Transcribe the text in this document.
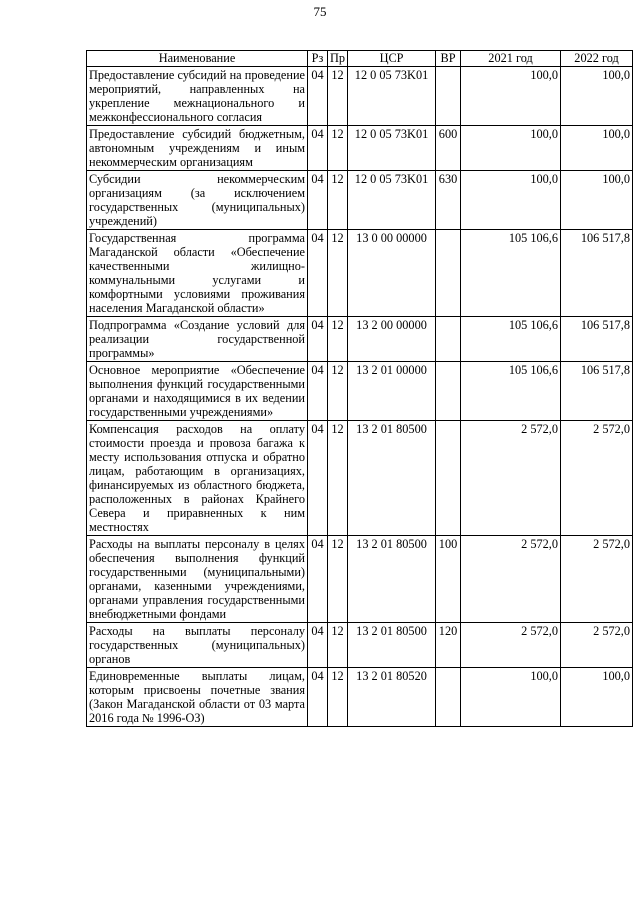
75
Наименование	Рз	Пр	ЦСР	ВР	2021 год	2022 год
Предоставление субсидий на проведение мероприятий, направленных на укрепление межнационального и межконфессионального согласия	04	12	12 0 05 73K01		100,0	100,0
Предоставление субсидий бюджетным, автономным учреждениям и иным некоммерческим организациям	04	12	12 0 05 73K01	600	100,0	100,0
Субсидии некоммерческим организациям (за исключением государственных (муниципальных) учреждений)	04	12	12 0 05 73K01	630	100,0	100,0
Государственная программа Магаданской области «Обеспечение качественными жилищно-коммунальными услугами и комфортными условиями проживания населения Магаданской области»	04	12	13 0 00 00000		105 106,6	106 517,8
Подпрограмма «Создание условий для реализации государственной программы»	04	12	13 2 00 00000		105 106,6	106 517,8
Основное мероприятие «Обеспечение выполнения функций государственными органами и находящимися в их ведении государственными учреждениями»	04	12	13 2 01 00000		105 106,6	106 517,8
Компенсация расходов на оплату стоимости проезда и провоза багажа к месту использования отпуска и обратно лицам, работающим в организациях, финансируемых из областного бюджета, расположенных в районах Крайнего Севера и приравненных к ним местностях	04	12	13 2 01 80500		2 572,0	2 572,0
Расходы на выплаты персоналу в целях обеспечения выполнения функций государственными (муниципальными) органами, казенными учреждениями, органами управления государственными внебюджетными фондами	04	12	13 2 01 80500	100	2 572,0	2 572,0
Расходы на выплаты персоналу государственных (муниципальных) органов	04	12	13 2 01 80500	120	2 572,0	2 572,0
Единовременные выплаты лицам, которым присвоены почетные звания (Закон Магаданской области от 03 марта 2016 года № 1996-ОЗ)	04	12	13 2 01 80520		100,0	100,0
